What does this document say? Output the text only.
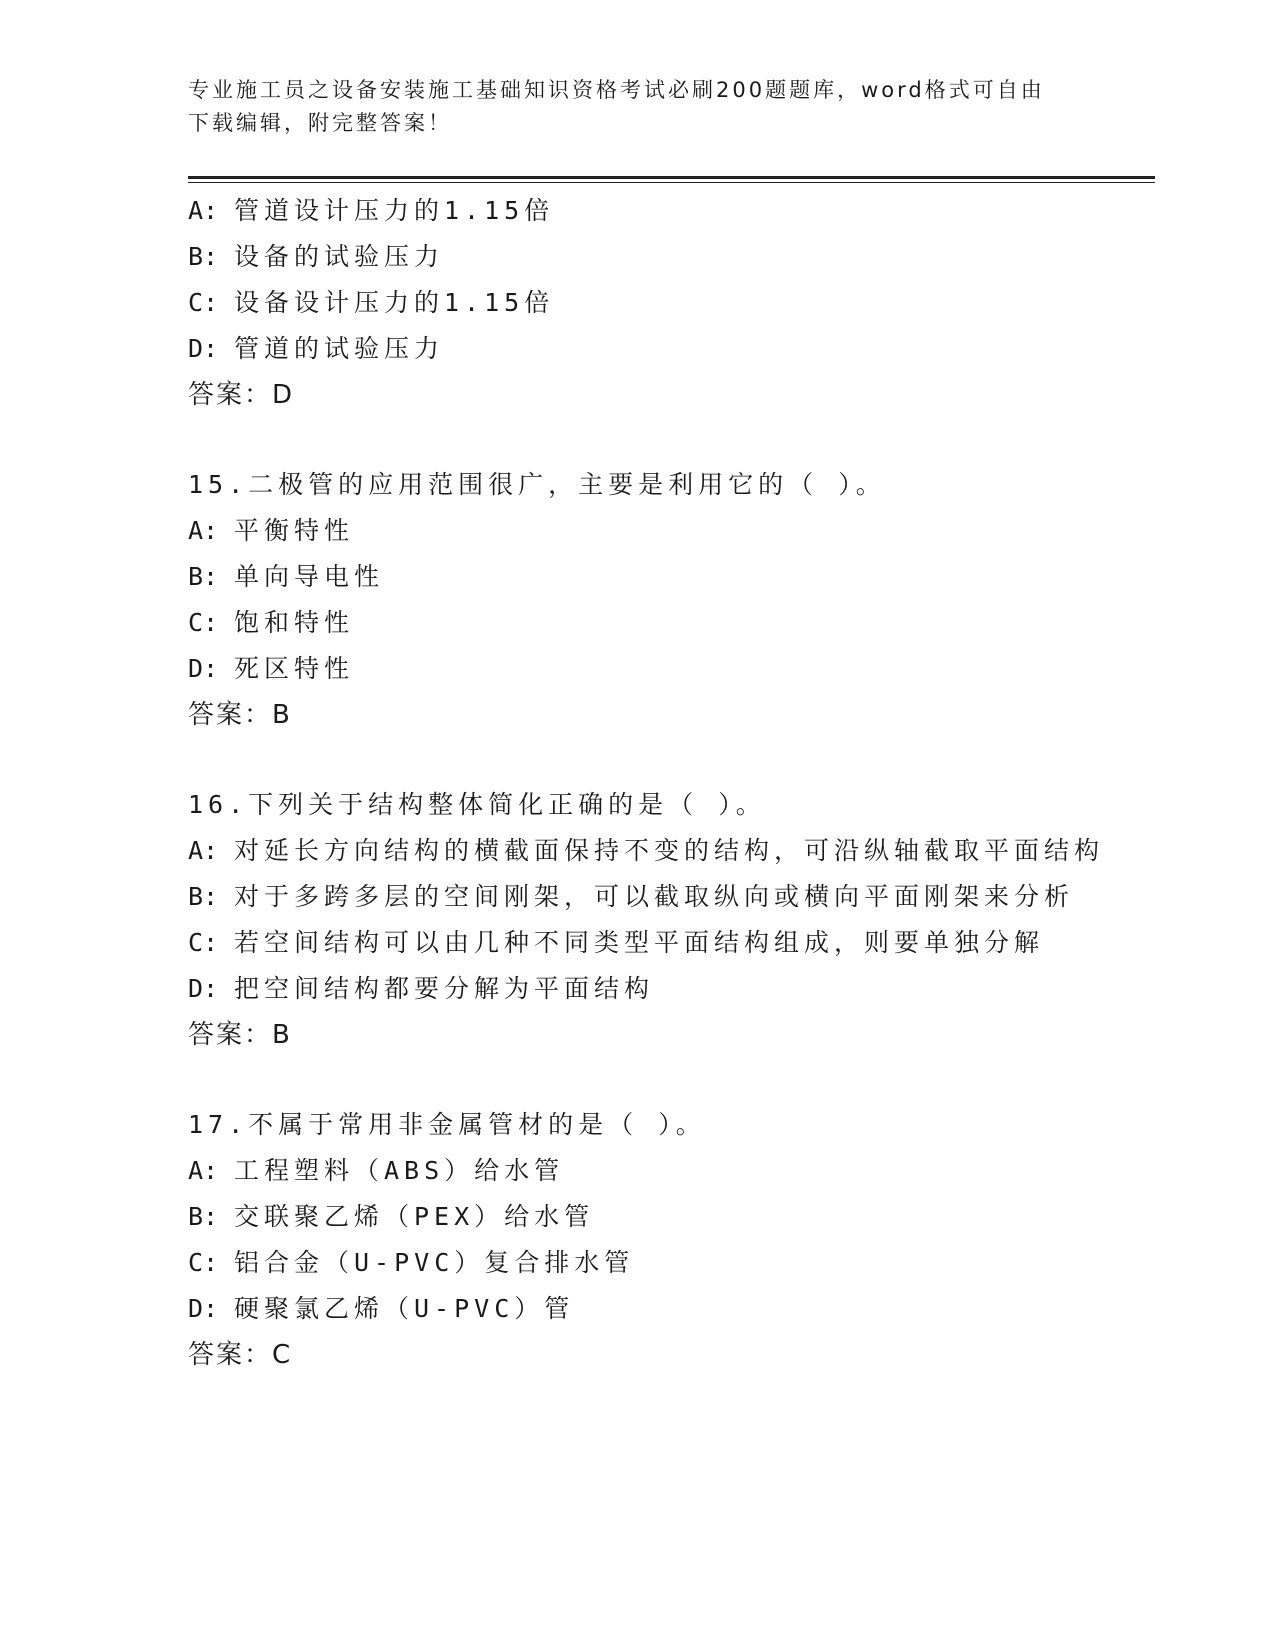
专业施工员之设备安装施工基础知识资格考试必刷200题题库，word格式可自由
下载编辑，附完整答案！
A: 管道设计压力的1.15倍
B: 设备的试验压力
C: 设备设计压力的1.15倍
D: 管道的试验压力
答案：D
15.二极管的应用范围很广，主要是利用它的（ ）。
A: 平衡特性
B: 单向导电性
C: 饱和特性
D: 死区特性
答案：B
16.下列关于结构整体简化正确的是（ ）。
A: 对延长方向结构的横截面保持不变的结构，可沿纵轴截取平面结构
B: 对于多跨多层的空间刚架，可以截取纵向或横向平面刚架来分析
C: 若空间结构可以由几种不同类型平面结构组成，则要单独分解
D: 把空间结构都要分解为平面结构
答案：B
17.不属于常用非金属管材的是（ ）。
A: 工程塑料（ABS）给水管
B: 交联聚乙烯（PEX）给水管
C: 铝合金（U-PVC）复合排水管
D: 硬聚氯乙烯（U-PVC）管
答案：C
